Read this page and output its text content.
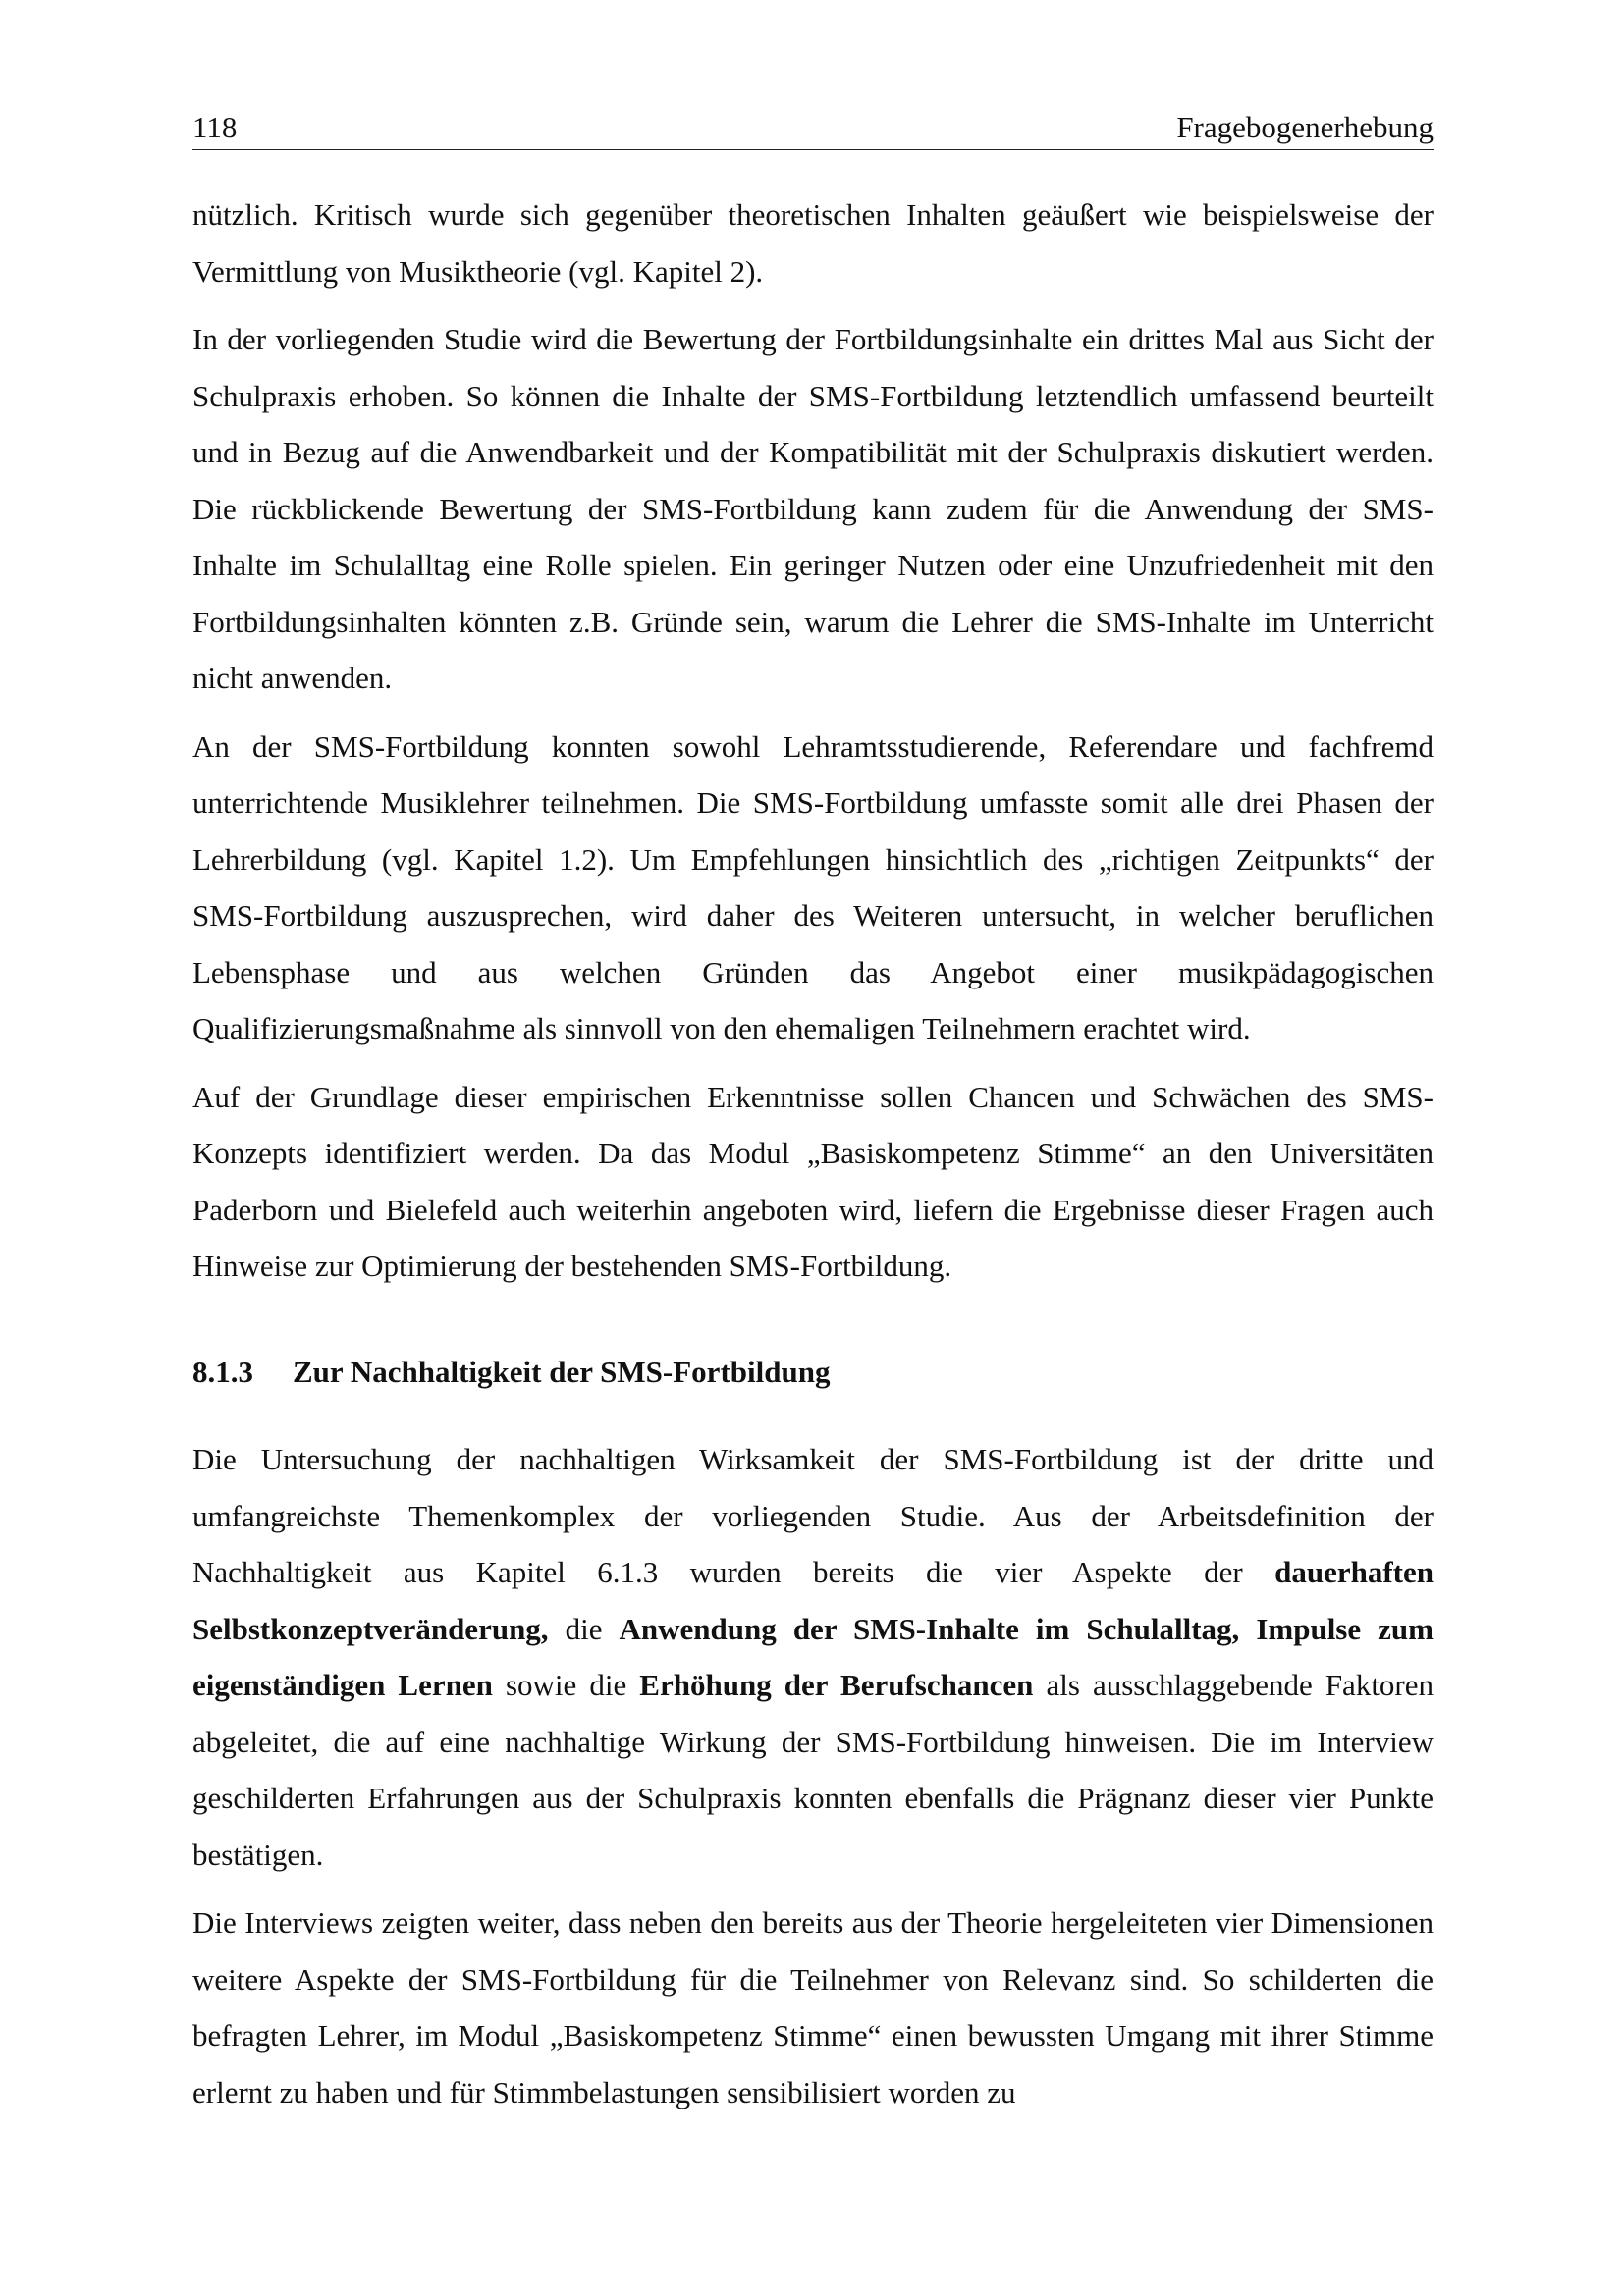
118	Fragebogenerhebung

nützlich. Kritisch wurde sich gegenüber theoretischen Inhalten geäußert wie beispielsweise der Vermittlung von Musiktheorie (vgl. Kapitel 2).

In der vorliegenden Studie wird die Bewertung der Fortbildungsinhalte ein drittes Mal aus Sicht der Schulpraxis erhoben. So können die Inhalte der SMS-Fortbildung letztendlich umfassend beurteilt und in Bezug auf die Anwendbarkeit und der Kompatibilität mit der Schulpraxis diskutiert werden. Die rückblickende Bewertung der SMS-Fortbildung kann zudem für die Anwendung der SMS-Inhalte im Schulalltag eine Rolle spielen. Ein geringer Nutzen oder eine Unzufriedenheit mit den Fortbildungsinhalten könnten z.B. Gründe sein, warum die Lehrer die SMS-Inhalte im Unterricht nicht anwenden.

An der SMS-Fortbildung konnten sowohl Lehramtsstudierende, Referendare und fachfremd unterrichtende Musiklehrer teilnehmen. Die SMS-Fortbildung umfasste somit alle drei Phasen der Lehrerbildung (vgl. Kapitel 1.2). Um Empfehlungen hinsichtlich des „richtigen Zeitpunkts“ der SMS-Fortbildung auszusprechen, wird daher des Weiteren untersucht, in welcher beruflichen Lebensphase und aus welchen Gründen das Angebot einer musikpädagogischen Qualifizierungsmaßnahme als sinnvoll von den ehemaligen Teilnehmern erachtet wird.

Auf der Grundlage dieser empirischen Erkenntnisse sollen Chancen und Schwächen des SMS-Konzepts identifiziert werden. Da das Modul „Basiskompetenz Stimme“ an den Universitäten Paderborn und Bielefeld auch weiterhin angeboten wird, liefern die Ergebnisse dieser Fragen auch Hinweise zur Optimierung der bestehenden SMS-Fortbildung.

8.1.3 Zur Nachhaltigkeit der SMS-Fortbildung

Die Untersuchung der nachhaltigen Wirksamkeit der SMS-Fortbildung ist der dritte und umfangreichste Themenkomplex der vorliegenden Studie. Aus der Arbeitsdefinition der Nachhaltigkeit aus Kapitel 6.1.3 wurden bereits die vier Aspekte der dauerhaften Selbstkonzeptveränderung, die Anwendung der SMS-Inhalte im Schulalltag, Impulse zum eigenständigen Lernen sowie die Erhöhung der Berufschancen als ausschlaggebende Faktoren abgeleitet, die auf eine nachhaltige Wirkung der SMS-Fortbildung hinweisen. Die im Interview geschilderten Erfahrungen aus der Schulpraxis konnten ebenfalls die Prägnanz dieser vier Punkte bestätigen.

Die Interviews zeigten weiter, dass neben den bereits aus der Theorie hergeleiteten vier Dimensionen weitere Aspekte der SMS-Fortbildung für die Teilnehmer von Relevanz sind. So schilderten die befragten Lehrer, im Modul „Basiskompetenz Stimme“ einen bewussten Umgang mit ihrer Stimme erlernt zu haben und für Stimmbelastungen sensibilisiert worden zu
